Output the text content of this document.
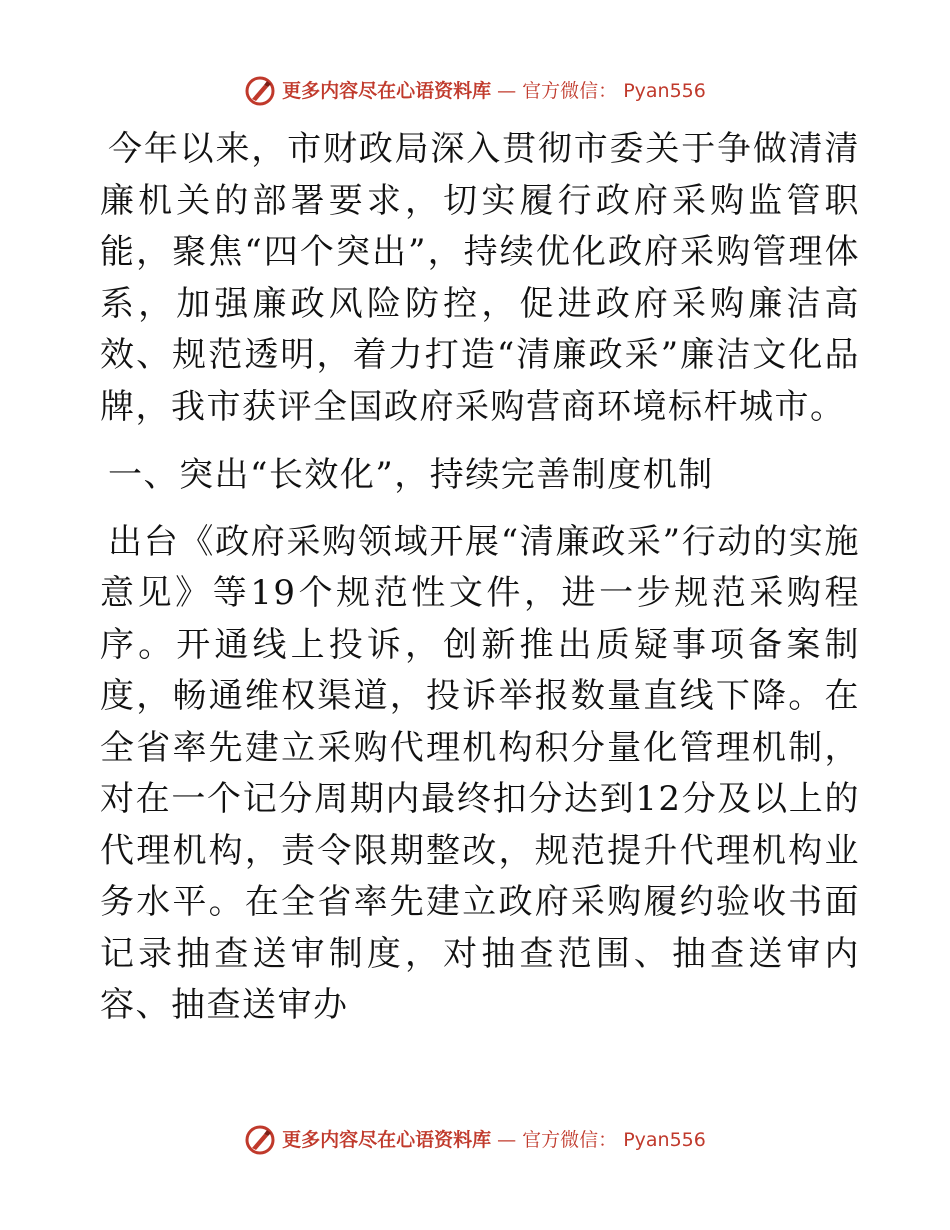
更多内容尽在心语资料库 — 官方微信： Pyan556

今年以来，市财政局深入贯彻市委关于争做清清廉机关的部署要求，切实履行政府采购监管职能，聚焦“四个突出”，持续优化政府采购管理体系，加强廉政风险防控，促进政府采购廉洁高效、规范透明，着力打造“清廉政采”廉洁文化品牌，我市获评全国政府采购营商环境标杆城市。

一、突出“长效化”，持续完善制度机制

出台《政府采购领域开展“清廉政采”行动的实施意见》等19个规范性文件，进一步规范采购程序。开通线上投诉，创新推出质疑事项备案制度，畅通维权渠道，投诉举报数量直线下降。在全省率先建立采购代理机构积分量化管理机制，对在一个记分周期内最终扣分达到12分及以上的代理机构，责令限期整改，规范提升代理机构业务水平。在全省率先建立政府采购履约验收书面记录抽查送审制度，对抽查范围、抽查送审内容、抽查送审办

更多内容尽在心语资料库 — 官方微信： Pyan556
